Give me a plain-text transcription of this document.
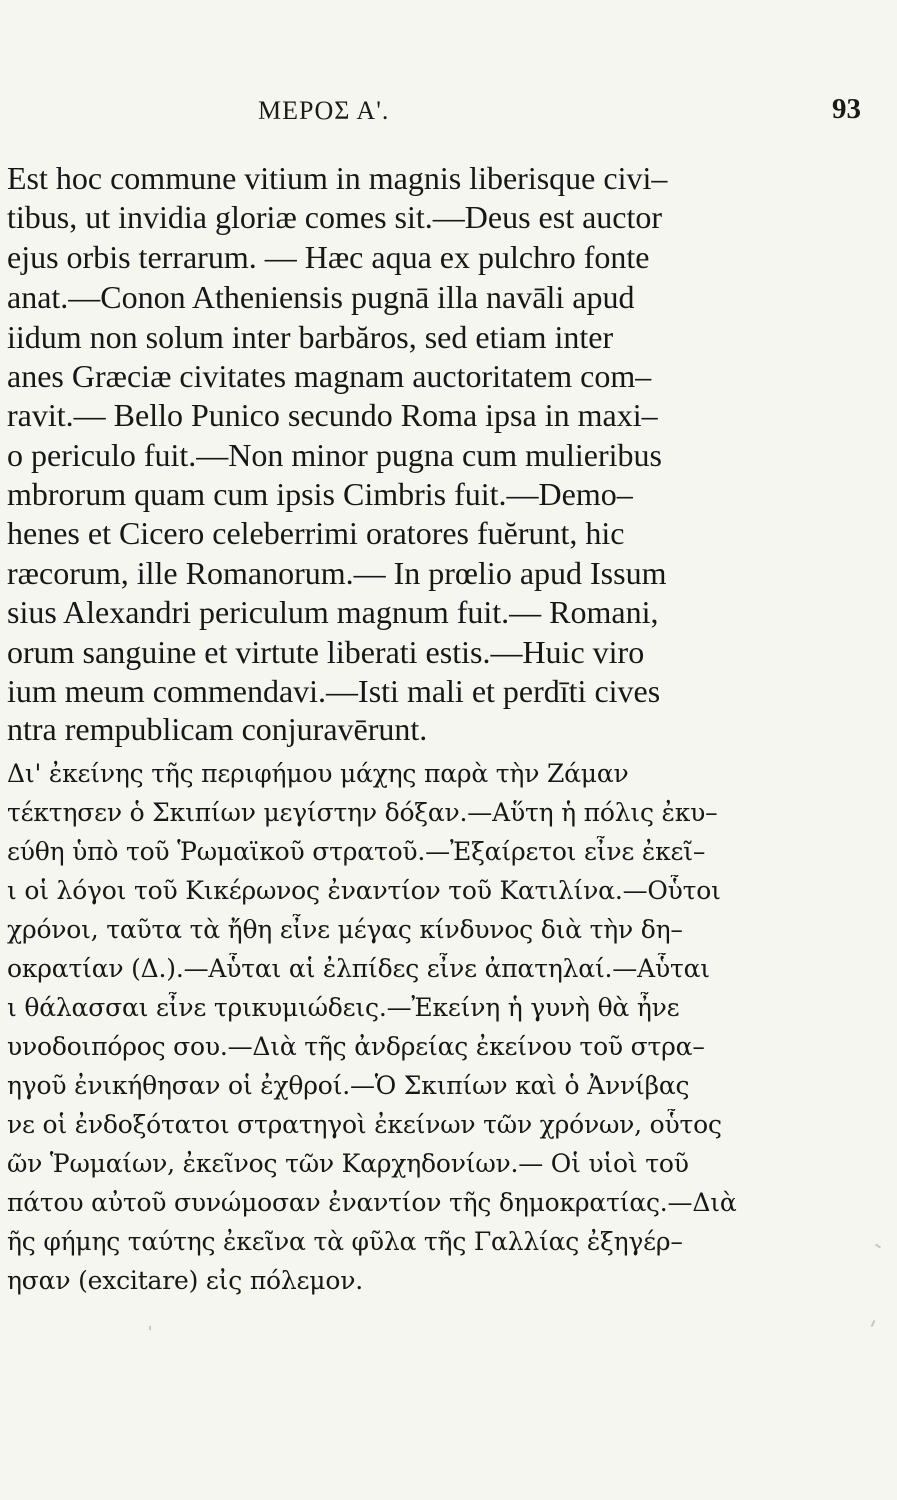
ΜΕΡΟΣ Α'.	93
Est hoc commune vitium in magnis liberisque civi–
tibus, ut invidia gloriæ comes sit.—Deus est auctor
ejus orbis terrarum. — Hæc aqua ex pulchro fonte
anat.—Conon Atheniensis pugnā illa navāli apud
iidum non solum inter barbăros, sed etiam inter
anes Græciæ civitates magnam auctoritatem com–
ravit.— Bello Punico secundo Roma ipsa in maxi–
o periculo fuit.—Non minor pugna cum mulieribus
mbrorum quam cum ipsis Cimbris fuit.—Demo–
henes et Cicero celeberrimi oratores fuĕrunt, hic
ræcorum, ille Romanorum.— In prœlio apud Issum
sius Alexandri periculum magnum fuit.— Romani,
orum sanguine et virtute liberati estis.—Huic viro
ium meum commendavi.—Isti mali et perdīti cives
ntra rempublicam conjuravērunt.
Δι' ἐκείνης τῆς περιφήμου μάχης παρὰ τὴν Ζάμαν
τέκτησεν ὁ Σκιπίων μεγίστην δόξαν.—Αὕτη ἡ πόλις ἐκυ–
εύθη ὑπὸ τοῦ Ῥωμαϊκοῦ στρατοῦ.—Ἐξαίρετοι εἶνε ἐκεῖ–
ι οἱ λόγοι τοῦ Κικέρωνος ἐναντίον τοῦ Κατιλίνα.—Οὗτοι
χρόνοι, ταῦτα τὰ ἤθη εἶνε μέγας κίνδυνος διὰ τὴν δη–
οκρατίαν (Δ.).—Αὗται αἱ ἐλπίδες εἶνε ἀπατηλαί.—Αὗται
ι θάλασσαι εἶνε τρικυμιώδεις.—Ἐκείνη ἡ γυνὴ θὰ ἦνε
υνοδοιπόρος σου.—Διὰ τῆς ἀνδρείας ἐκείνου τοῦ στρα–
ηγοῦ ἐνικήθησαν οἱ ἐχθροί.—Ὁ Σκιπίων καὶ ὁ Ἀννίβας
νε οἱ ἐνδοξότατοι στρατηγοὶ ἐκείνων τῶν χρόνων, οὗτος
ῶν Ῥωμαίων, ἐκεῖνος τῶν Καρχηδονίων.— Οἱ υἱοὶ τοῦ
πάτου αὐτοῦ συνώμοσαν ἐναντίον τῆς δημοκρατίας.—Διὰ
ῆς φήμης ταύτης ἐκεῖνα τὰ φῦλα τῆς Γαλλίας ἐξηγέρ–
ησαν (excitare) εἰς πόλεμον.
